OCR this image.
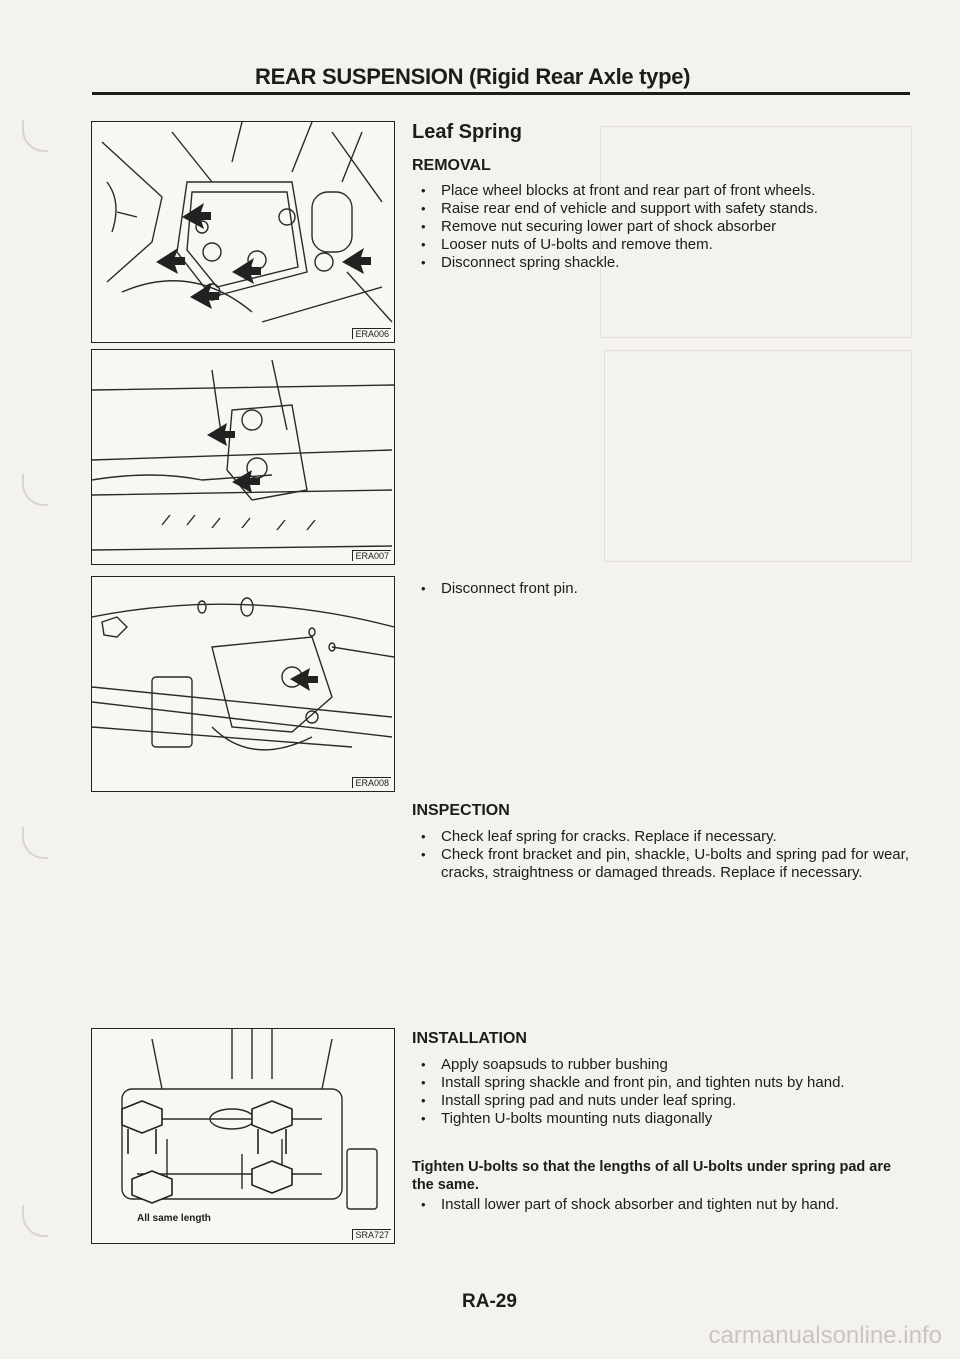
REAR SUSPENSION (Rigid Rear Axle type)
ERA006
ERA007
ERA008
All same length
SRA727
Leaf Spring
REMOVAL
• Place wheel blocks at front and rear part of front wheels.
• Raise rear end of vehicle and support with safety stands.
• Remove nut securing lower part of shock absorber
• Looser nuts of U-bolts and remove them.
• Disconnect spring shackle.
• Disconnect front pin.
INSPECTION
• Check leaf spring for cracks. Replace if necessary.
• Check front bracket and pin, shackle, U-bolts and spring pad for wear, cracks, straightness or damaged threads. Replace if necessary.
INSTALLATION
• Apply soapsuds to rubber bushing
• Install spring shackle and front pin, and tighten nuts by hand.
• Install spring pad and nuts under leaf spring.
• Tighten U-bolts mounting nuts diagonally
Tighten U-bolts so that the lengths of all U-bolts under spring pad are the same.
• Install lower part of shock absorber and tighten nut by hand.
RA-29
carmanualsonline.info
